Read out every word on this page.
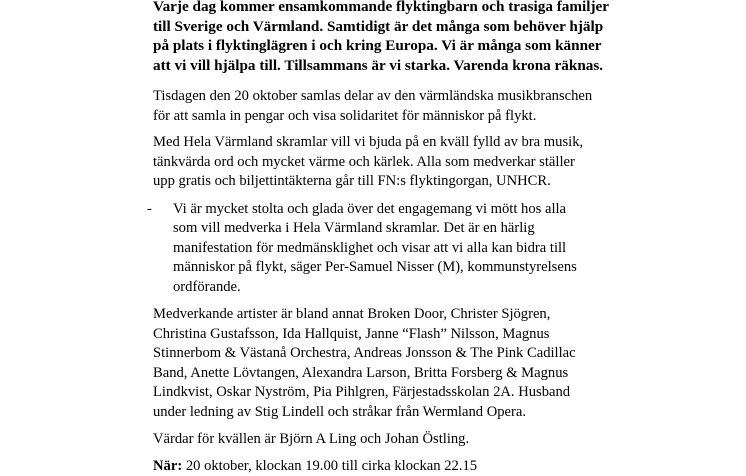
Varje dag kommer ensamkommande flyktingbarn och trasiga familjer
till Sverige och Värmland. Samtidigt är det många som behöver hjälp
på plats i flyktinglägren i och kring Europa. Vi är många som känner
att vi vill hjälpa till. Tillsammans är vi starka. Varenda krona räknas.
Tisdagen den 20 oktober samlas delar av den värmländska musikbranschen
för att samla in pengar och visa solidaritet för människor på flykt.
Med Hela Värmland skramlar vill vi bjuda på en kväll fylld av bra musik,
tänkvärda ord och mycket värme och kärlek. Alla som medverkar ställer
upp gratis och biljettintäkterna går till FN:s flyktingorgan, UNHCR.
- Vi är mycket stolta och glada över det engagemang vi mött hos alla
som vill medverka i Hela Värmland skramlar. Det är en härlig
manifestation för medmänsklighet och visar att vi alla kan bidra till
människor på flykt, säger Per-Samuel Nisser (M), kommunstyrelsens
ordförande.
Medverkande artister är bland annat Broken Door, Christer Sjögren,
Christina Gustafsson, Ida Hallquist, Janne “Flash” Nilsson, Magnus
Stinnerbom & Västanå Orchestra, Andreas Jonsson & The Pink Cadillac
Band, Anette Lövtangen, Alexandra Larson, Britta Forsberg & Magnus
Lindkvist, Oskar Nyström, Pia Pihlgren, Färjestadsskolan 2A. Husband
under ledning av Stig Lindell och stråkar från Wermland Opera.
Värdar för kvällen är Björn A Ling och Johan Östling.
När: 20 oktober, klockan 19.00 till cirka klockan 22.15
